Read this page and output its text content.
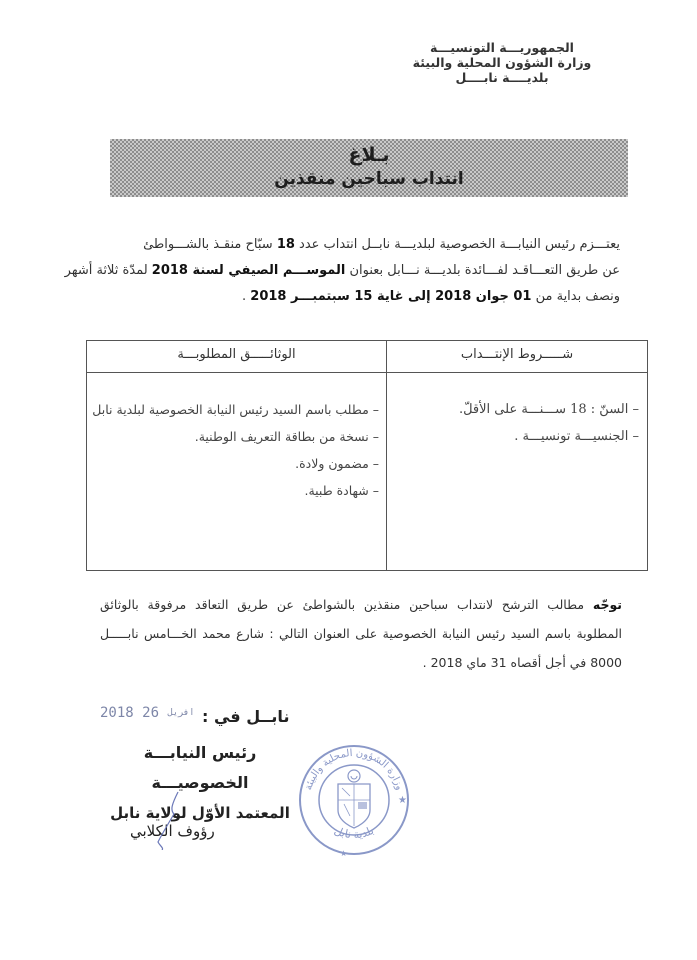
الجمهوريـــة التونسيـــة
وزارة الشؤون المحلية والبيئة
بلديــــة نابــــل
بـلاغ
انتداب سباحين منقذين
يعتـــزم رئيس النيابـــة الخصوصية لبلديـــة نابــل انتداب عدد 18 سبّاح منقـذ بالشـــواطئ
عن طريق التعـــاقـد لفـــائدة بلديـــة نـــابل بعنوان الموســـم الصيفي لسنة 2018 لمدّة ثلاثة أشهر
ونصف بداية من 01 جوان 2018 إلى غاية 15 سبتمبـــر 2018 .
شـــــروط الإنتـــداب
الوثائـــــق المطلوبـــة
– السنّ : 18 ســـنـــة على الأقلّ.
– الجنسيـــة تونسيـــة .
– مطلب باسم السيد رئيس النيابة الخصوصية لبلدية نابل
– نسخة من بطاقة التعريف الوطنية.
– مضمون ولادة.
– شهادة طبية.
توجّه مطالب الترشح لانتداب سباحين منقذين بالشواطئ عن طريق التعاقد مرفوقة بالوثائق
المطلوبة باسم السيد رئيس النيابة الخصوصية على العنوان التالي : شارع محمد الخـــامس نابـــــل
8000 في أجل أقصاه 31 ماي 2018 .
2018	افريل 26	نابــل في :
رئيس النيابـــة الخصوصيـــة
المعتمد الأوّل لولاية نابل
رؤوف الكلابي
وزارة الشؤون المحلية والبيئة
بلدية نابل
★
★
